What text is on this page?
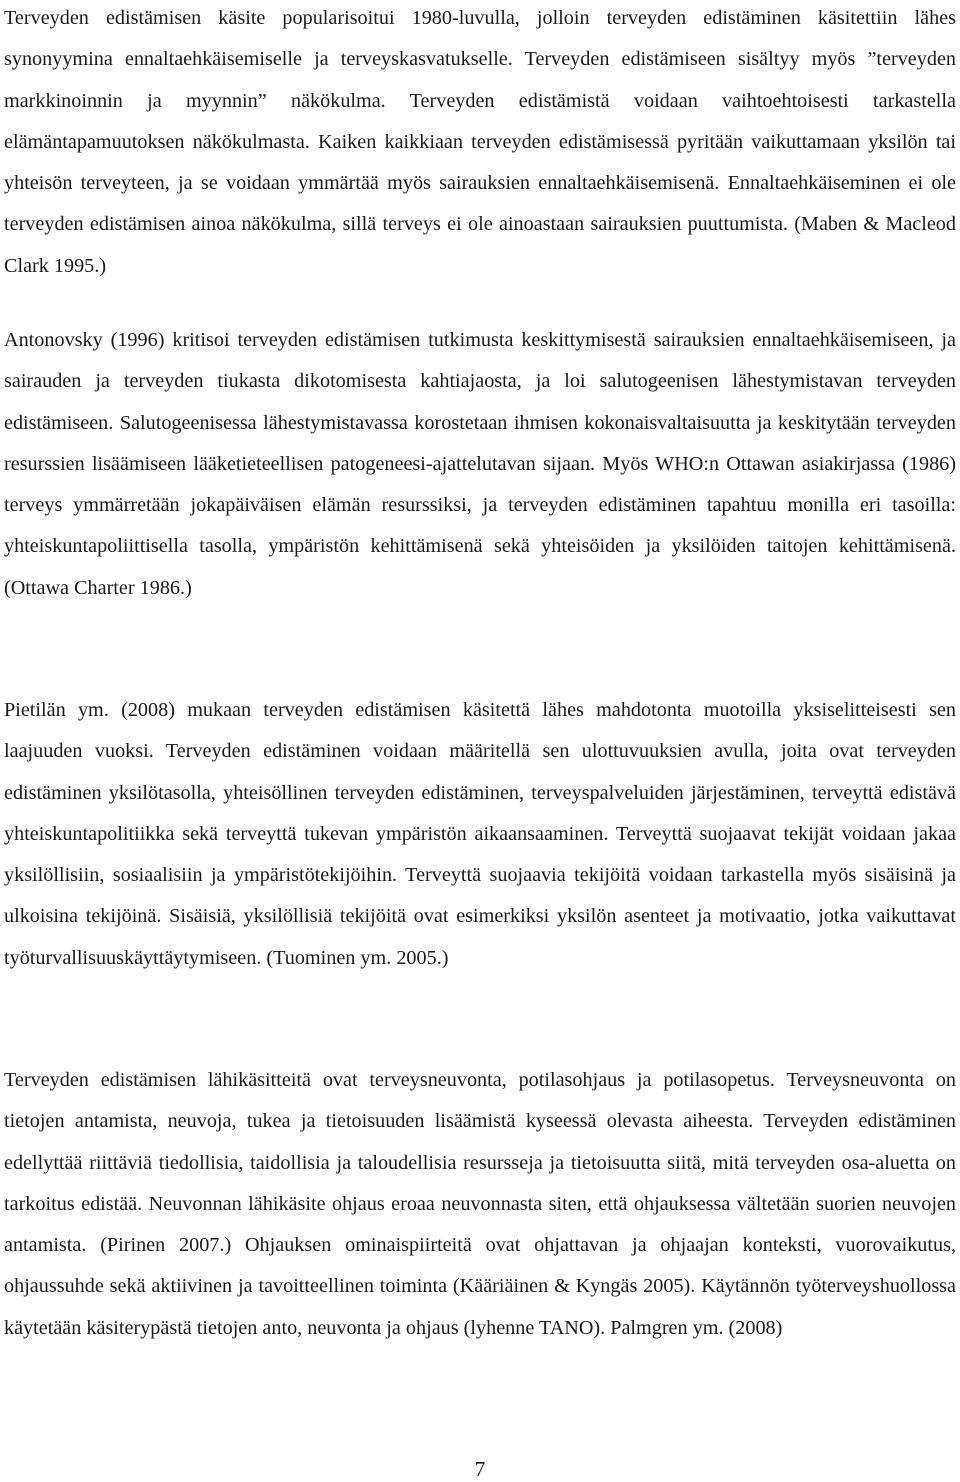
Terveyden edistämisen käsite popularisoitui 1980-luvulla, jolloin terveyden edistäminen käsitettiin lähes synonyymina ennaltaehkäisemiselle ja terveyskasvatukselle. Terveyden edistämiseen sisältyy myös ”terveyden markkinoinnin ja myynnin” näkökulma. Terveyden edistämistä voidaan vaihtoehtoisesti tarkastella elämäntapamuutoksen näkökulmasta. Kaiken kaikkiaan terveyden edistämisessä pyritään vaikuttamaan yksilön tai yhteisön terveyteen, ja se voidaan ymmärtää myös sairauksien ennaltaehkäisemisenä. Ennaltaehkäiseminen ei ole terveyden edistämisen ainoa näkökulma, sillä terveys ei ole ainoastaan sairauksien puuttumista. (Maben & Macleod Clark 1995.)

Antonovsky (1996) kritisoi terveyden edistämisen tutkimusta keskittymisestä sairauksien ennaltaehkäisemiseen, ja sairauden ja terveyden tiukasta dikotomisesta kahtiajaosta, ja loi salutogeenisen lähestymistavan terveyden edistämiseen. Salutogeenisessa lähestymistavassa korostetaan ihmisen kokonaisvaltaisuutta ja keskitytään terveyden resurssien lisäämiseen lääketieteellisen patogeneesi-ajattelutavan sijaan. Myös WHO:n Ottawan asiakirjassa (1986) terveys ymmärretään jokapäiväisen elämän resurssiksi, ja terveyden edistäminen tapahtuu monilla eri tasoilla: yhteiskuntapoliittisella tasolla, ympäristön kehittämisenä sekä yhteisöiden ja yksilöiden taitojen kehittämisenä. (Ottawa Charter 1986.)

Pietilän ym. (2008) mukaan terveyden edistämisen käsitettä lähes mahdotonta muotoilla yksiselitteisesti sen laajuuden vuoksi. Terveyden edistäminen voidaan määritellä sen ulottuvuuksien avulla, joita ovat terveyden edistäminen yksilötasolla, yhteisöllinen terveyden edistäminen, terveyspalveluiden järjestäminen, terveyttä edistävä yhteiskuntapolitiikka sekä terveyttä tukevan ympäristön aikaansaaminen. Terveyttä suojaavat tekijät voidaan jakaa yksilöllisiin, sosiaalisiin ja ympäristötekijöihin. Terveyttä suojaavia tekijöitä voidaan tarkastella myös sisäisinä ja ulkoisina tekijöinä. Sisäisiä, yksilöllisiä tekijöitä ovat esimerkiksi yksilön asenteet ja motivaatio, jotka vaikuttavat työturvallisuuskäyttäytymiseen. (Tuominen ym. 2005.)

Terveyden edistämisen lähikäsitteitä ovat terveysneuvonta, potilasohjaus ja potilasopetus. Terveysneuvonta on tietojen antamista, neuvoja, tukea ja tietoisuuden lisäämistä kyseessä olevasta aiheesta. Terveyden edistäminen edellyttää riittäviä tiedollisia, taidollisia ja taloudellisia resursseja ja tietoisuutta siitä, mitä terveyden osa-aluetta on tarkoitus edistää. Neuvonnan lähikäsite ohjaus eroaa neuvonnasta siten, että ohjauksessa vältetään suorien neuvojen antamista. (Pirinen 2007.) Ohjauksen ominaispiirteitä ovat ohjattavan ja ohjaajan konteksti, vuorovaikutus, ohjaussuhde sekä aktiivinen ja tavoitteellinen toiminta (Kääriäinen & Kyngäs 2005). Käytännön työterveyshuollossa käytetään käsiterypästä tietojen anto, neuvonta ja ohjaus (lyhenne TANO). Palmgren ym. (2008)

7
